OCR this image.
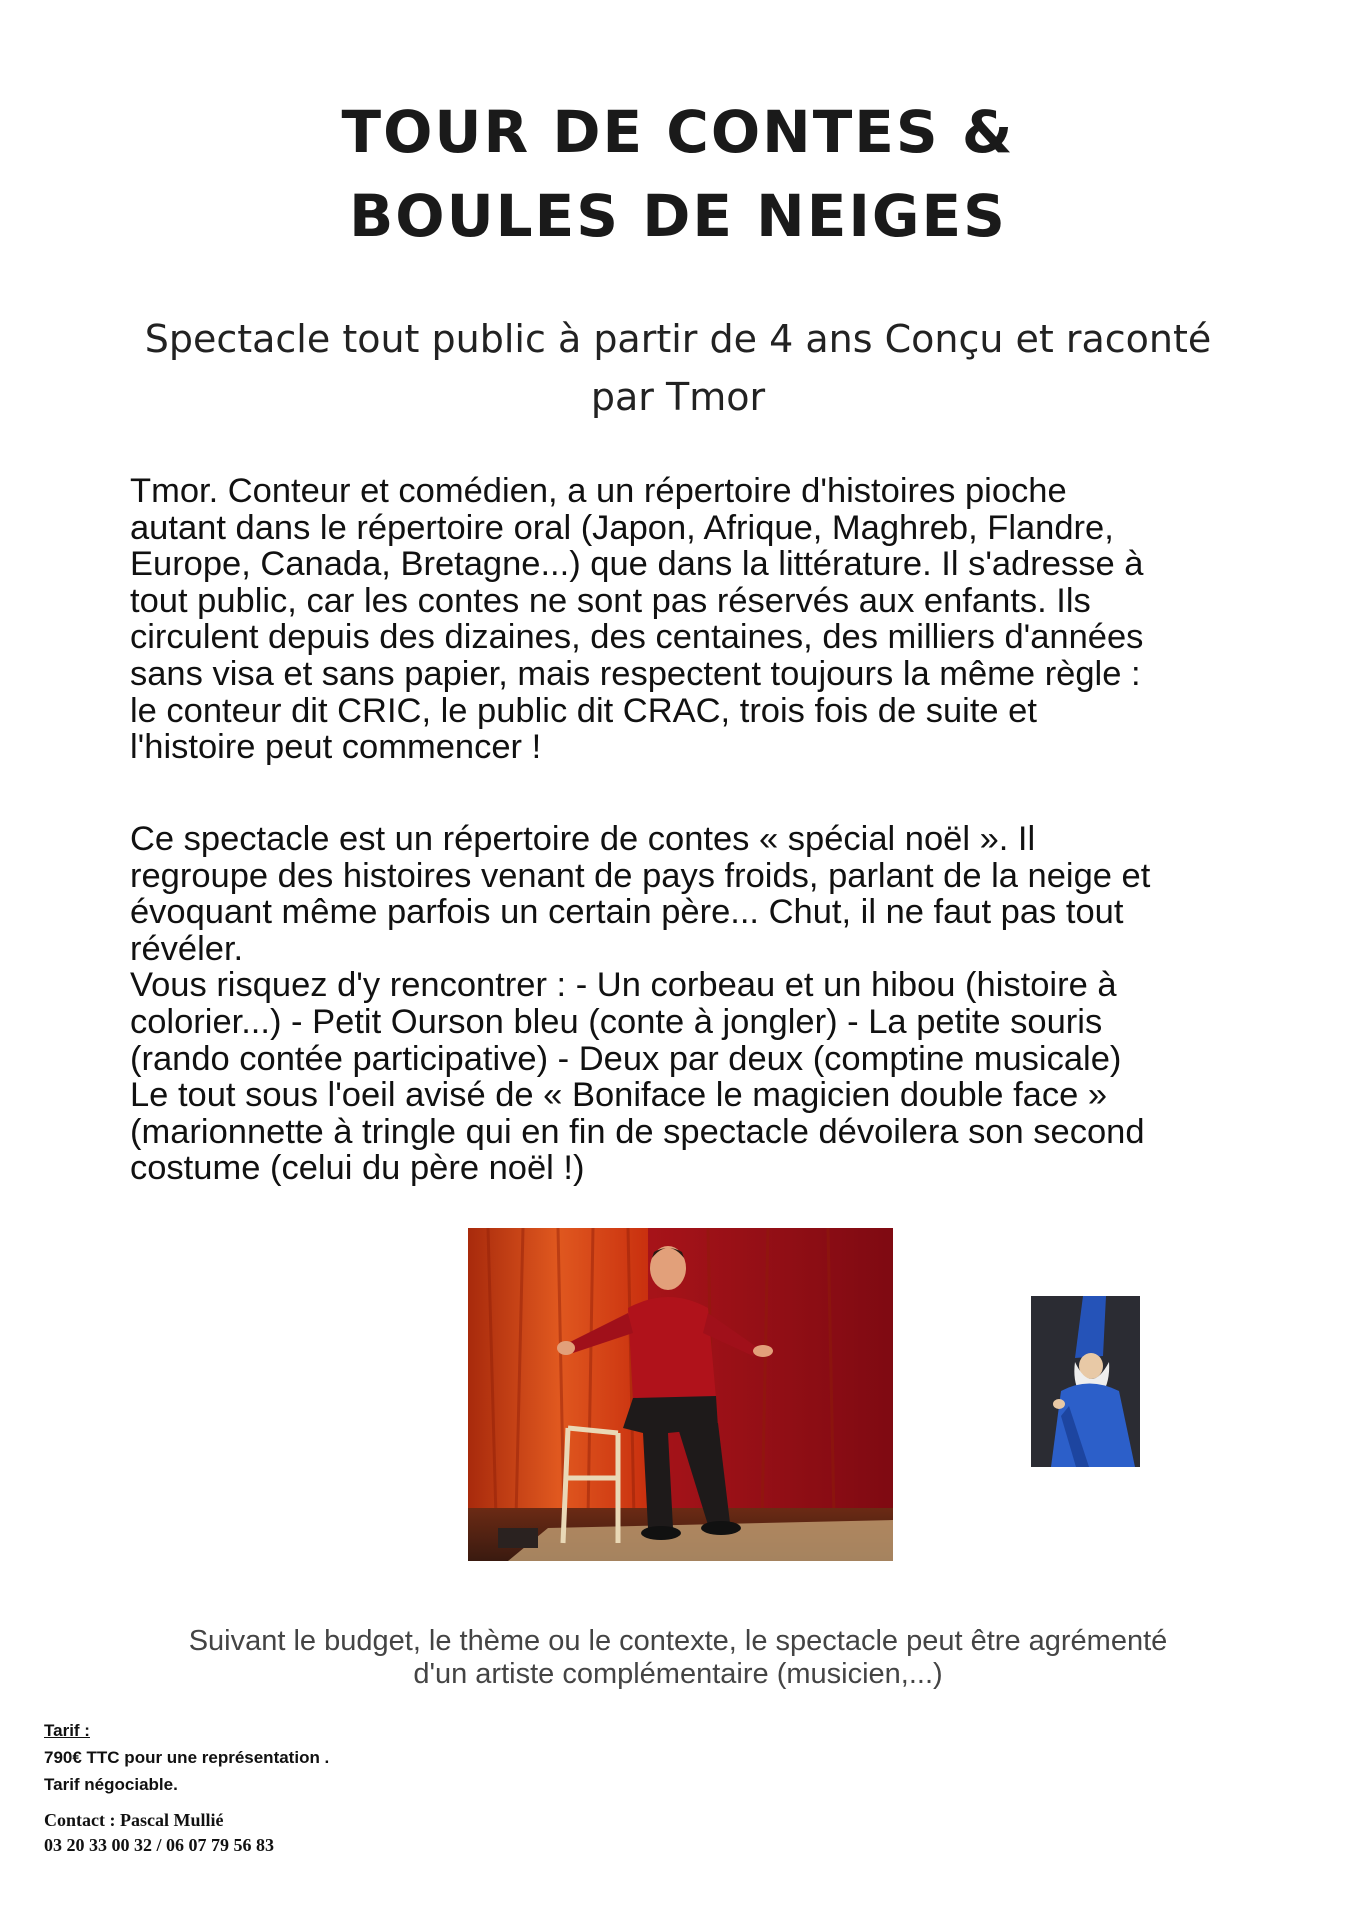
TOUR DE CONTES &
BOULES DE NEIGES
Spectacle tout public à partir de 4 ans Conçu et raconté
par Tmor

Tmor. Conteur et comédien, a un répertoire d'histoires pioche
autant dans le répertoire oral (Japon, Afrique, Maghreb, Flandre,
Europe, Canada, Bretagne...) que dans la littérature. Il s'adresse à
tout public, car les contes ne sont pas réservés aux enfants. Ils
circulent depuis des dizaines, des centaines, des milliers d'années
sans visa et sans papier, mais respectent toujours la même règle :
le conteur dit CRIC, le public dit CRAC, trois fois de suite et
l'histoire peut commencer !

Ce spectacle est un répertoire de contes « spécial noël ». Il
regroupe des histoires venant de pays froids, parlant de la neige et
évoquant même parfois un certain père... Chut, il ne faut pas tout
révéler.
Vous risquez d'y rencontrer : - Un corbeau et un hibou (histoire à
colorier...) - Petit Ourson bleu (conte à jongler) - La petite souris
(rando contée participative) - Deux par deux (comptine musicale)
Le tout sous l'oeil avisé de « Boniface le magicien double face »
(marionnette à tringle qui en fin de spectacle dévoilera son second
costume (celui du père noël !)

Suivant le budget, le thème ou le contexte, le spectacle peut être agrémenté
d'un artiste complémentaire (musicien,...)
Tarif :
790€ TTC pour une représentation .
Tarif négociable.
Contact : Pascal Mullié
03 20 33 00 32 / 06 07 79 56 83
